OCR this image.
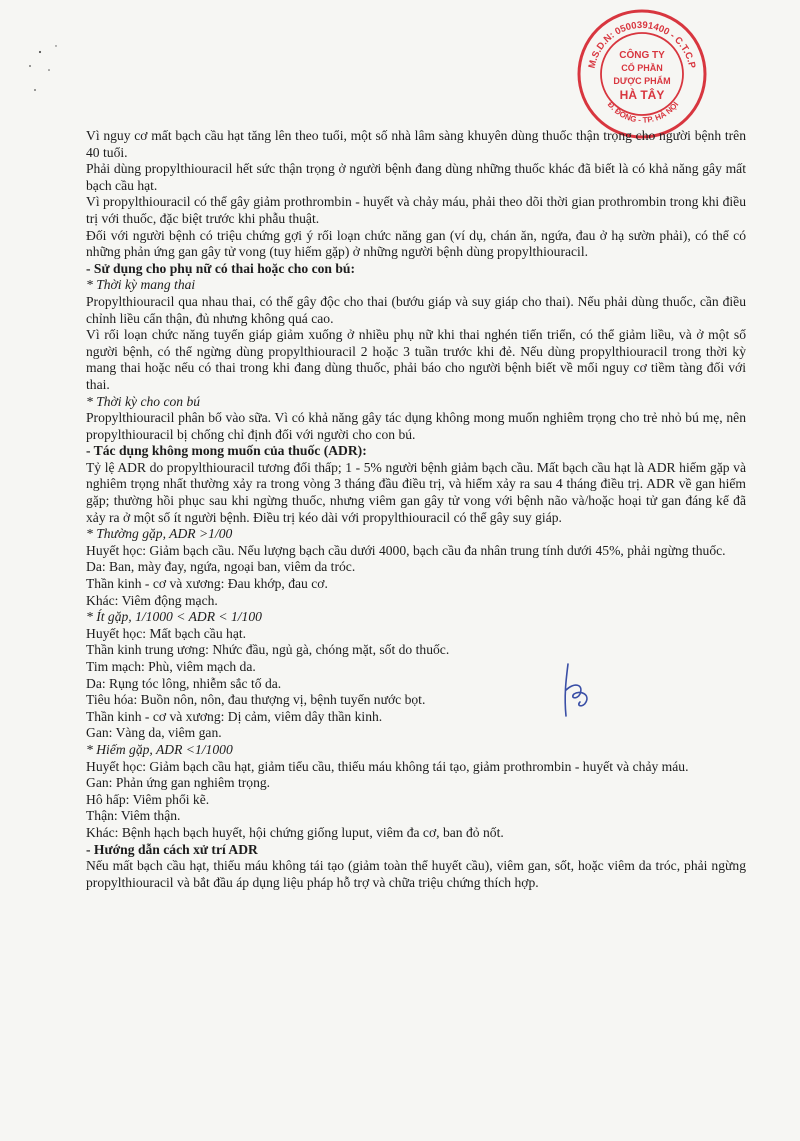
M.S.D.N: 0500391400 - C.T.C.P
Đ. ĐÔNG - TP. HÀ NỘI
CÔNG TY
CỔ PHẦN
DƯỢC PHẨM
HÀ TÂY

Vì nguy cơ mất bạch cầu hạt tăng lên theo tuổi, một số nhà lâm sàng khuyên dùng thuốc thận trọng cho người bệnh trên 40 tuổi.

Phải dùng propylthiouracil hết sức thận trọng ở người bệnh đang dùng những thuốc khác đã biết là có khả năng gây mất bạch cầu hạt.

Vì propylthiouracil có thể gây giảm prothrombin - huyết và chảy máu, phải theo dõi thời gian prothrombin trong khi điều trị với thuốc, đặc biệt trước khi phẫu thuật.

Đối với người bệnh có triệu chứng gợi ý rối loạn chức năng gan (ví dụ, chán ăn, ngứa, đau ở hạ sườn phải), có thể có những phản ứng gan gây tử vong (tuy hiếm gặp) ở những người bệnh dùng propylthiouracil.

- Sử dụng cho phụ nữ có thai hoặc cho con bú:

* Thời kỳ mang thai

Propylthiouracil qua nhau thai, có thể gây độc cho thai (bướu giáp và suy giáp cho thai). Nếu phải dùng thuốc, cần điều chỉnh liều cẩn thận, đủ nhưng không quá cao.

Vì rối loạn chức năng tuyến giáp giảm xuống ở nhiều phụ nữ khi thai nghén tiến triển, có thể giảm liều, và ở một số người bệnh, có thể ngừng dùng propylthiouracil 2 hoặc 3 tuần trước khi đẻ. Nếu dùng propylthiouracil trong thời kỳ mang thai hoặc nếu có thai trong khi đang dùng thuốc, phải báo cho người bệnh biết về mối nguy cơ tiềm tàng đối với thai.

* Thời kỳ cho con bú

Propylthiouracil phân bố vào sữa. Vì có khả năng gây tác dụng không mong muốn nghiêm trọng cho trẻ nhỏ bú mẹ, nên propylthiouracil bị chống chỉ định đối với người cho con bú.

- Tác dụng không mong muốn của thuốc (ADR):

Tỷ lệ ADR do propylthiouracil tương đối thấp; 1 - 5% người bệnh giảm bạch cầu. Mất bạch cầu hạt là ADR hiếm gặp và nghiêm trọng nhất thường xảy ra trong vòng 3 tháng đầu điều trị, và hiếm xảy ra sau 4 tháng điều trị. ADR về gan hiếm gặp; thường hồi phục sau khi ngừng thuốc, nhưng viêm gan gây tử vong với bệnh não và/hoặc hoại tử gan đáng kể đã xảy ra ở một số ít người bệnh. Điều trị kéo dài với propylthiouracil có thể gây suy giáp.

* Thường gặp, ADR >1/00

Huyết học: Giảm bạch cầu. Nếu lượng bạch cầu dưới 4000, bạch cầu đa nhân trung tính dưới 45%, phải ngừng thuốc.

Da: Ban, mày đay, ngứa, ngoại ban, viêm da tróc.

Thần kinh - cơ và xương: Đau khớp, đau cơ.

Khác: Viêm động mạch.

* Ít gặp, 1/1000 < ADR < 1/100

Huyết học: Mất bạch cầu hạt.

Thần kinh trung ương: Nhức đầu, ngủ gà, chóng mặt, sốt do thuốc.

Tim mạch: Phù, viêm mạch da.

Da: Rụng tóc lông, nhiễm sắc tố da.

Tiêu hóa: Buồn nôn, nôn, đau thượng vị, bệnh tuyến nước bọt.

Thần kinh - cơ và xương: Dị cảm, viêm dây thần kinh.

Gan: Vàng da, viêm gan.

* Hiếm gặp, ADR <1/1000

Huyết học: Giảm bạch cầu hạt, giảm tiểu cầu, thiếu máu không tái tạo, giảm prothrombin - huyết và chảy máu.

Gan: Phản ứng gan nghiêm trọng.

Hô hấp: Viêm phổi kẽ.

Thận: Viêm thận.

Khác: Bệnh hạch bạch huyết, hội chứng giống luput, viêm đa cơ, ban đỏ nốt.

- Hướng dẫn cách xử trí ADR

Nếu mất bạch cầu hạt, thiếu máu không tái tạo (giảm toàn thể huyết cầu), viêm gan, sốt, hoặc viêm da tróc, phải ngừng propylthiouracil và bắt đầu áp dụng liệu pháp hỗ trợ và chữa triệu chứng thích hợp.
